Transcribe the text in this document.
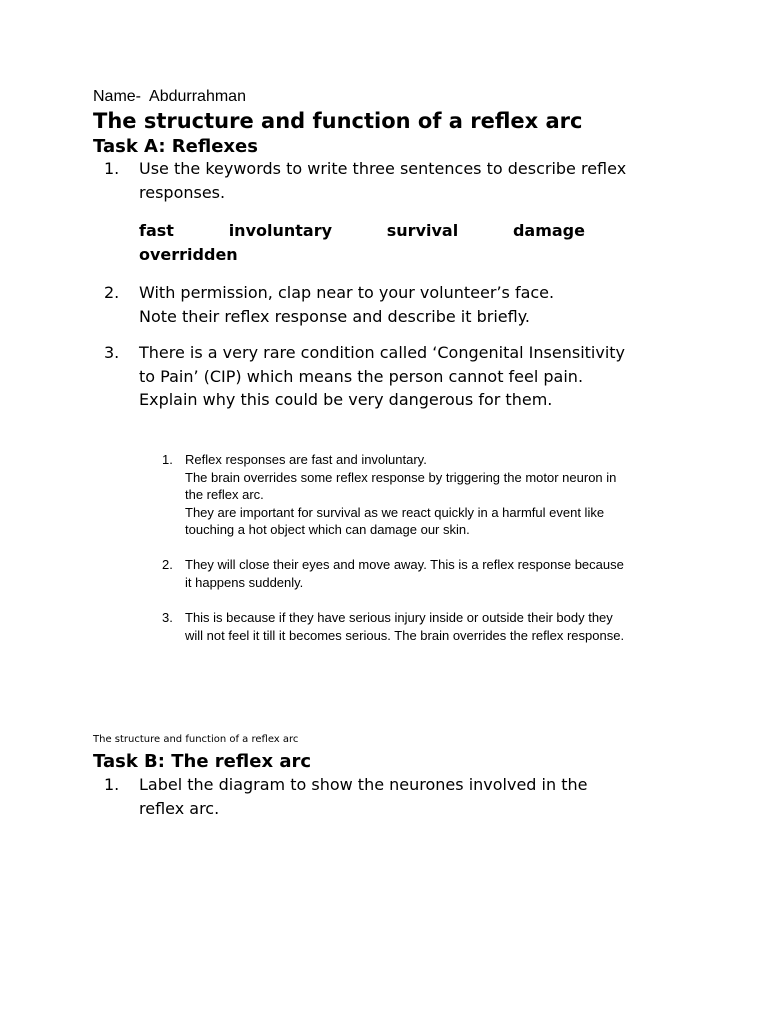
Name-  Abdurrahman
The structure and function of a reflex arc
Task A: Reflexes
1. Use the keywords to write three sentences to describe reflex
responses.
fast	involuntary	survival	damage
overridden
2. With permission, clap near to your volunteer’s face.
Note their reflex response and describe it briefly.
3. There is a very rare condition called ‘Congenital Insensitivity
to Pain’ (CIP) which means the person cannot feel pain.
Explain why this could be very dangerous for them.
1. Reflex responses are fast and involuntary.
The brain overrides some reflex response by triggering the motor neuron in
the reflex arc.
They are important for survival as we react quickly in a harmful event like
touching a hot object which can damage our skin.
2. They will close their eyes and move away. This is a reflex response because
it happens suddenly.
3. This is because if they have serious injury inside or outside their body they
will not feel it till it becomes serious. The brain overrides the reflex response.
The structure and function of a reflex arc
Task B: The reflex arc
1. Label the diagram to show the neurones involved in the
reflex arc.
